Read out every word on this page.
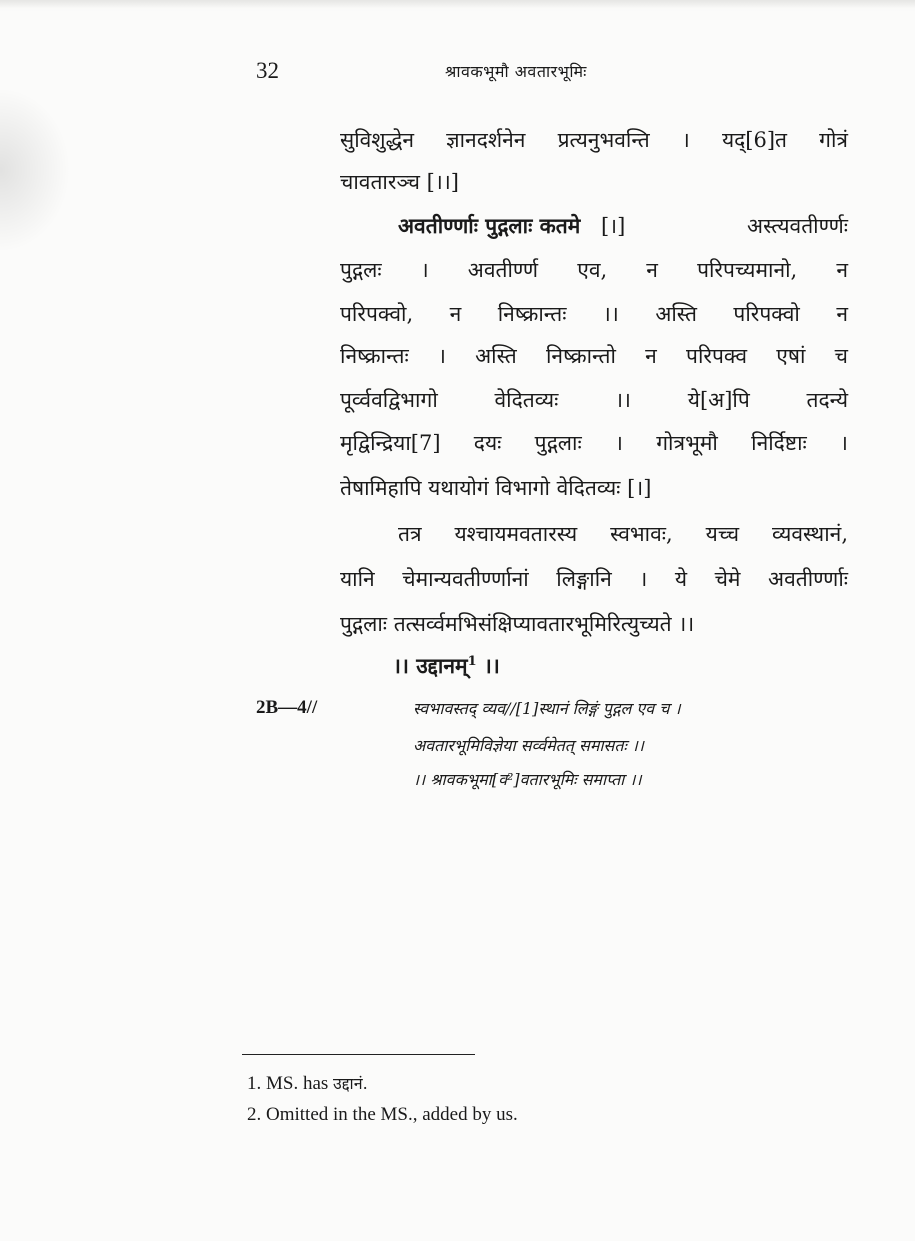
32	श्रावकभूमौ अवतारभूमिः
सुविशुद्धेन ज्ञानदर्शनेन प्रत्यनुभवन्ति । यद्[6]त गोत्रं
चावतारञ्च [।।]
अवतीर्ण्णाः पुद्गलाः कतमे [।]	अस्त्यवतीर्ण्णः
पुद्गलः । अवतीर्ण्ण एव, न परिपच्यमानो, न
परिपक्वो, न निष्क्रान्तः ।। अस्ति परिपक्वो न
निष्क्रान्तः । अस्ति निष्क्रान्तो न परिपक्व एषां च
पूर्व्ववद्विभागो वेदितव्यः ।। ये[अ]पि तदन्ये
मृद्विन्द्रिया[7] दयः पुद्गलाः । गोत्रभूमौ निर्दिष्टाः ।
तेषामिहापि यथायोगं विभागो वेदितव्यः [।]
तत्र यश्चायमवतारस्य स्वभावः, यच्च व्यवस्थानं,
यानि चेमान्यवतीर्ण्णानां लिङ्गानि । ये चेमे अवतीर्ण्णाः
पुद्गलाः तत्सर्व्वमभिसंक्षिप्यावतारभूमिरित्युच्यते ।।
।। उद्दानम्$^1$ ।।
2B—4//	स्वभावस्तद् व्यव//[1]स्थानं लिङ्गं पुद्गल एव च ।
अवतारभूमिविज्ञेया सर्व्वमेतत् समासतः ।।
।। श्रावकभूमा[व²]वतारभूमिः समाप्ता ।।
1. MS. has उद्दानं.
2. Omitted in the MS., added by us.
